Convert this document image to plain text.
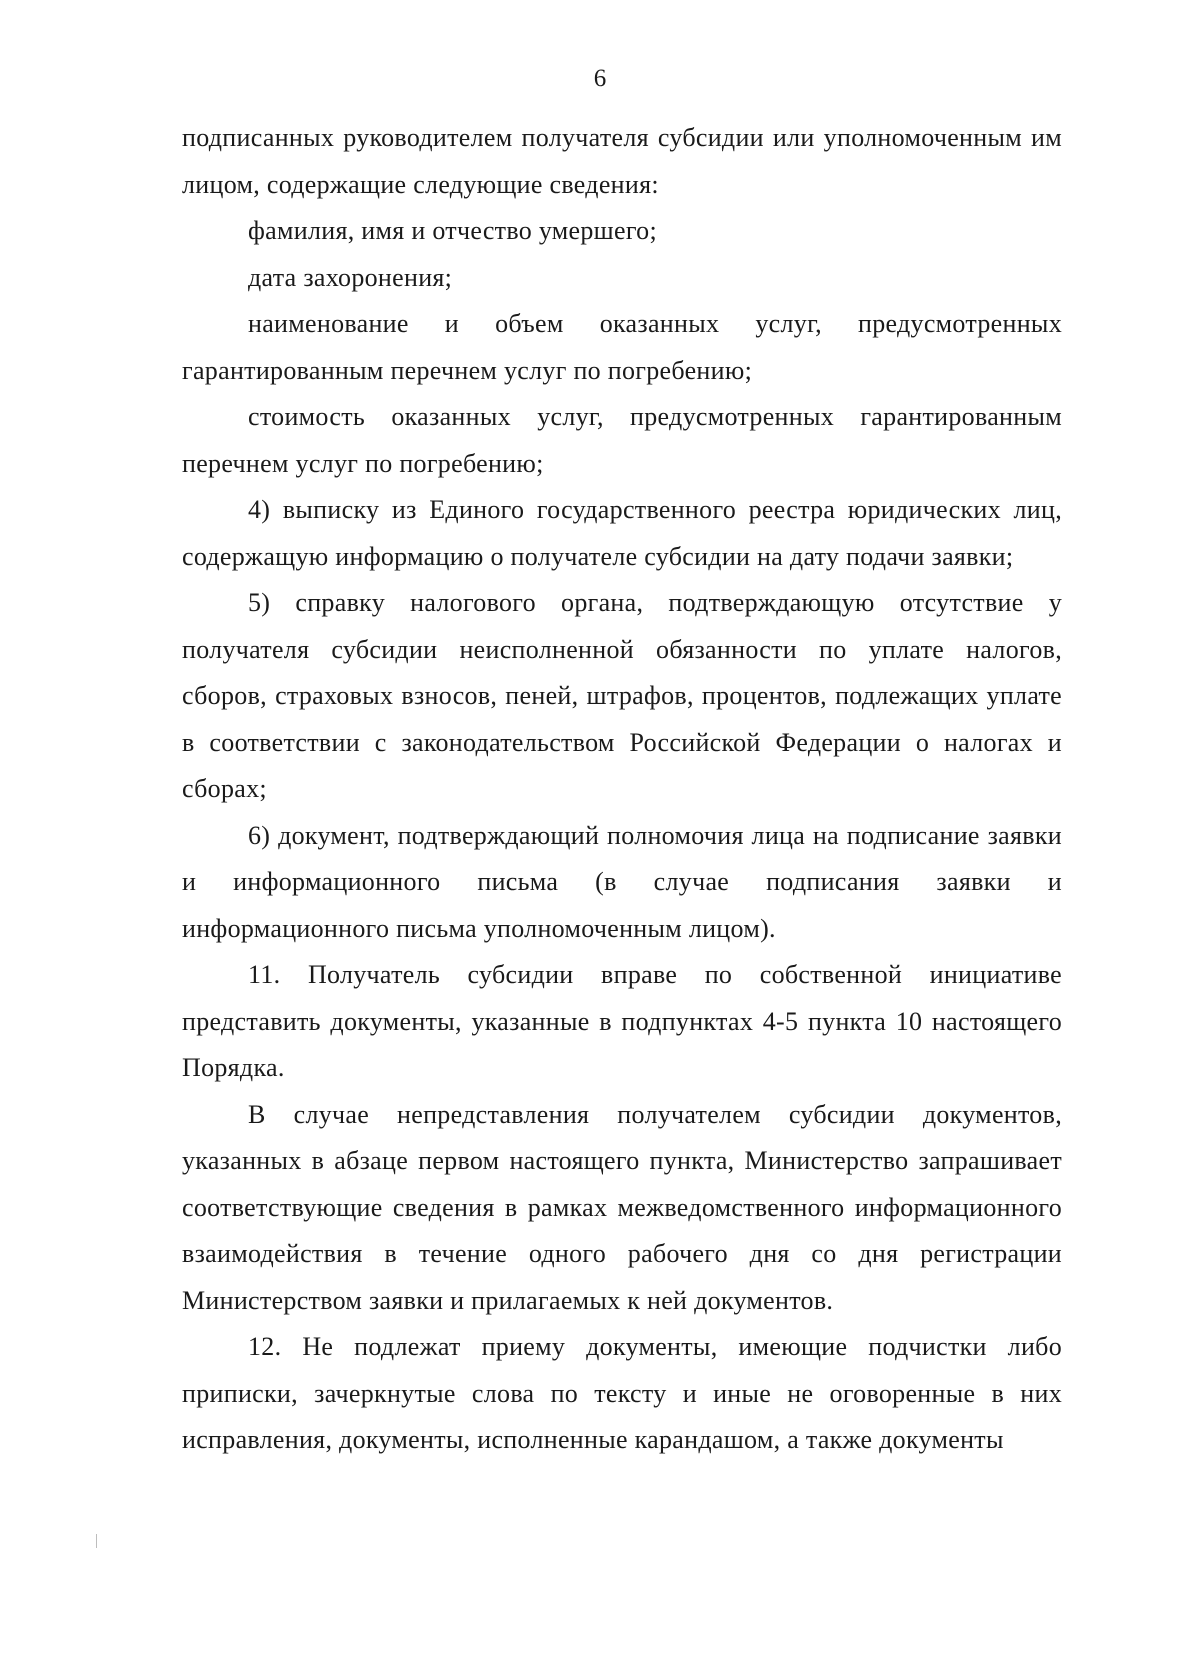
6

подписанных руководителем получателя субсидии или уполномоченным им лицом, содержащие следующие сведения:

фамилия, имя и отчество умершего;

дата захоронения;

наименование и объем оказанных услуг, предусмотренных гарантированным перечнем услуг по погребению;

стоимость оказанных услуг, предусмотренных гарантированным перечнем услуг по погребению;

4) выписку из Единого государственного реестра юридических лиц, содержащую информацию о получателе субсидии на дату подачи заявки;

5) справку налогового органа, подтверждающую отсутствие у получателя субсидии неисполненной обязанности по уплате налогов, сборов, страховых взносов, пеней, штрафов, процентов, подлежащих уплате в соответствии с законодательством Российской Федерации о налогах и сборах;

6) документ, подтверждающий полномочия лица на подписание заявки и информационного письма (в случае подписания заявки и информационного письма уполномоченным лицом).

11. Получатель субсидии вправе по собственной инициативе представить документы, указанные в подпунктах 4-5 пункта 10 настоящего Порядка.

В случае непредставления получателем субсидии документов, указанных в абзаце первом настоящего пункта, Министерство запрашивает соответствующие сведения в рамках межведомственного информационного взаимодействия в течение одного рабочего дня со дня регистрации Министерством заявки и прилагаемых к ней документов.

12. Не подлежат приему документы, имеющие подчистки либо приписки, зачеркнутые слова по тексту и иные не оговоренные в них исправления, документы, исполненные карандашом, а также документы
